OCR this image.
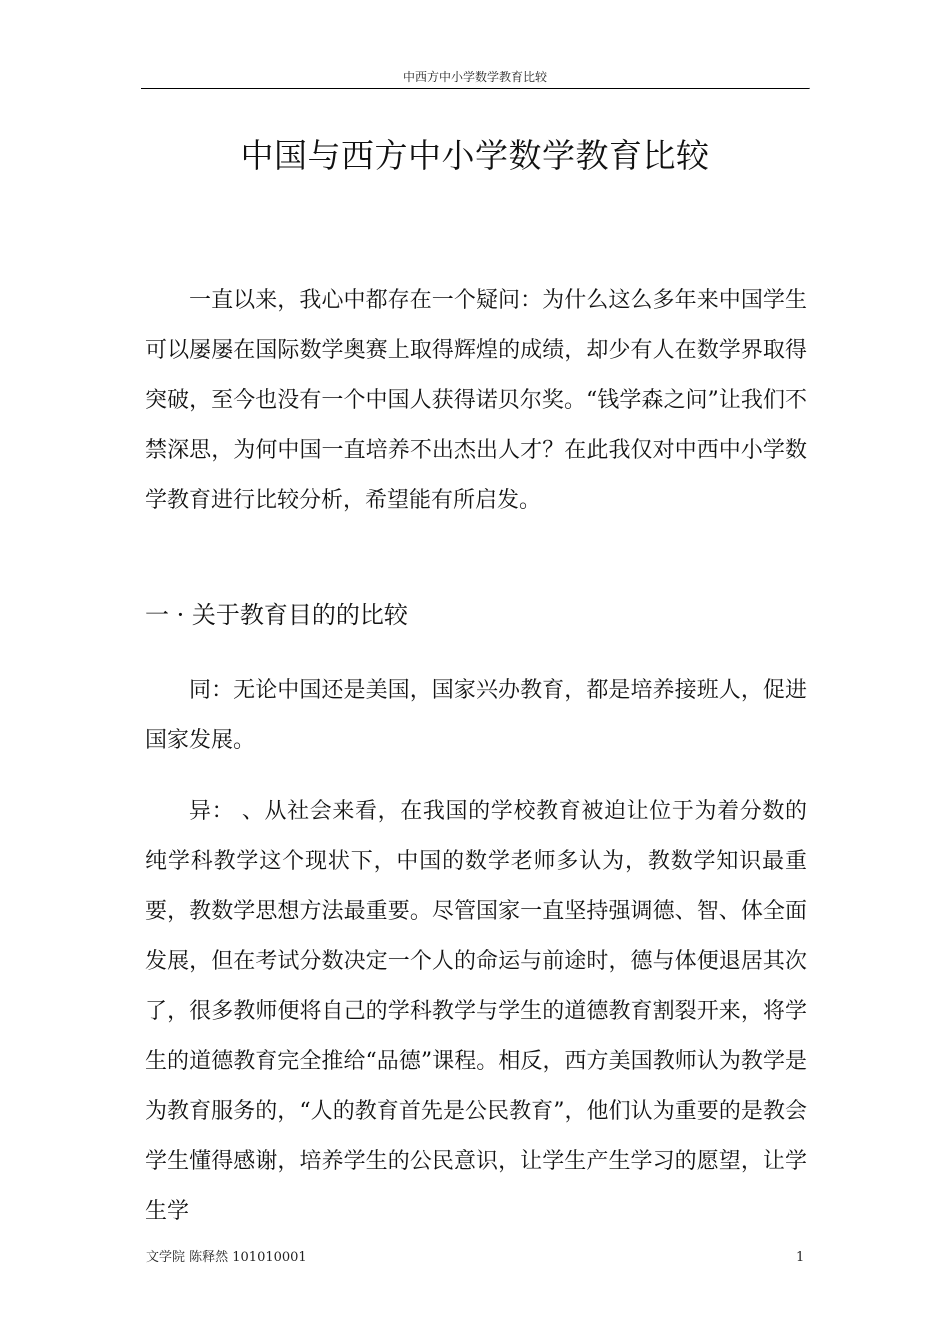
中西方中小学数学教育比较
.
中国与西方中小学数学教育比较

一直以来，我心中都存在一个疑问：为什么这么多年来中国学生可以屡屡在国际数学奥赛上取得辉煌的成绩，却少有人在数学界取得突破，至今也没有一个中国人获得诺贝尔奖。“钱学森之问”让我们不禁深思，为何中国一直培养不出杰出人才？在此我仅对中西中小学数学教育进行比较分析，希望能有所启发。

一 · 关于教育目的的比较

同：无论中国还是美国，国家兴办教育，都是培养接班人，促进国家发展。

异： 、从社会来看，在我国的学校教育被迫让位于为着分数的纯学科教学这个现状下，中国的数学老师多认为，教数学知识最重要，教数学思想方法最重要。尽管国家一直坚持强调德、智、体全面发展，但在考试分数决定一个人的命运与前途时，德与体便退居其次了，很多教师便将自己的学科教学与学生的道德教育割裂开来，将学生的道德教育完全推给“品德”课程。相反，西方美国教师认为教学是为教育服务的，“人的教育首先是公民教育”，他们认为重要的是教会学生懂得感谢，培养学生的公民意识，让学生产生学习的愿望，让学生学

文学院 陈释然 101010001	1
